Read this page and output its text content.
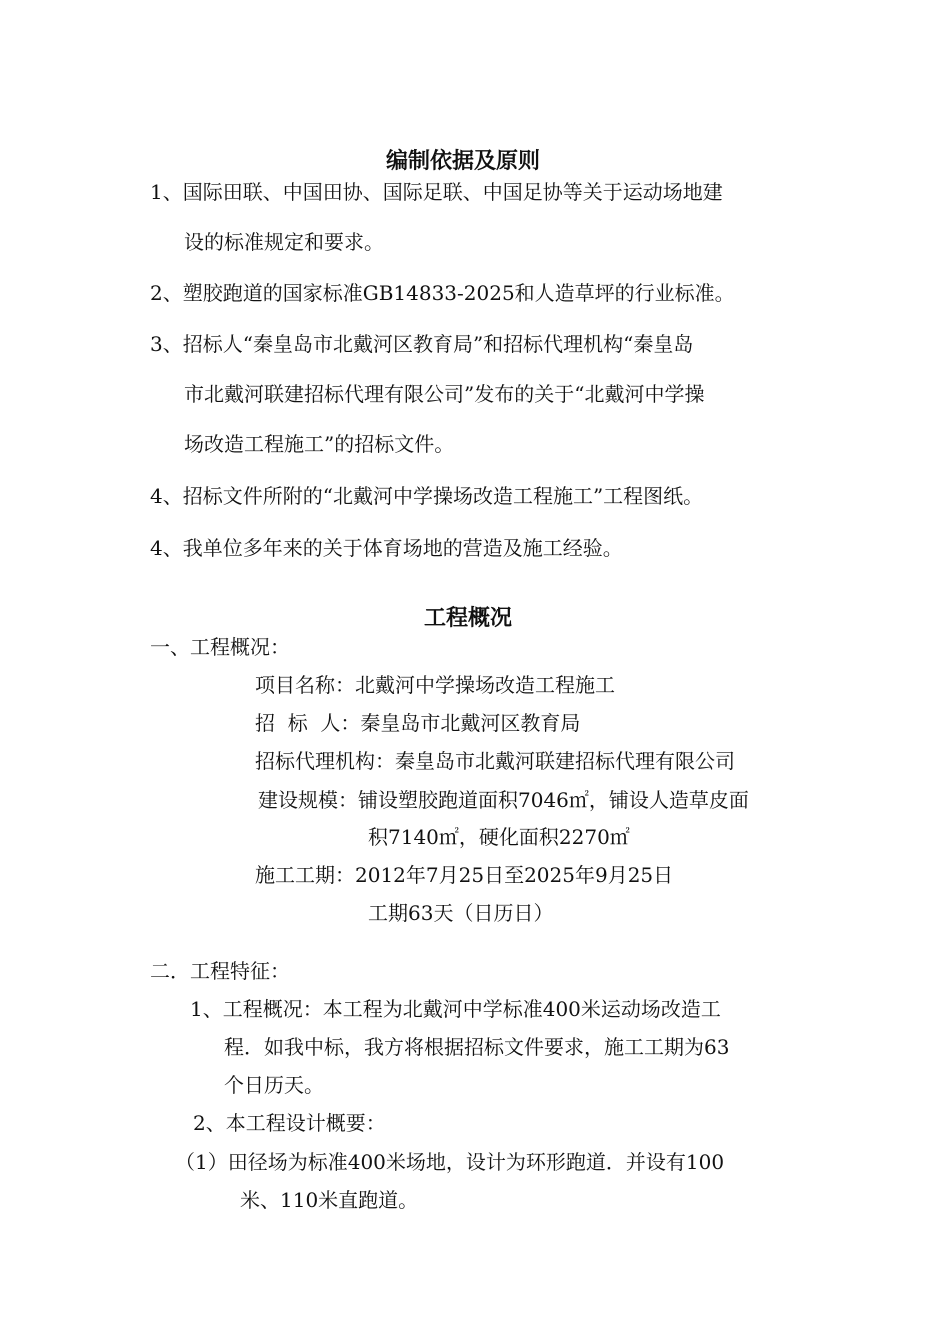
编制依据及原则
1、国际田联、中国田协、国际足联、中国足协等关于运动场地建
设的标准规定和要求。
2、塑胶跑道的国家标准GB14833-2025和人造草坪的行业标准。
3、招标人“秦皇岛市北戴河区教育局”和招标代理机构“秦皇岛
市北戴河联建招标代理有限公司”发布的关于“北戴河中学操
场改造工程施工”的招标文件。
4、招标文件所附的“北戴河中学操场改造工程施工”工程图纸。
4、我单位多年来的关于体育场地的营造及施工经验。
工程概况
一、工程概况：
项目名称：北戴河中学操场改造工程施工
招  标  人：秦皇岛市北戴河区教育局
招标代理机构：秦皇岛市北戴河联建招标代理有限公司
建设规模：铺设塑胶跑道面积7046㎡，铺设人造草皮面
积7140㎡，硬化面积2270㎡
施工工期：2012年7月25日至2025年9月25日
工期63天（日历日）
二．工程特征：
1、工程概况：本工程为北戴河中学标准400米运动场改造工
程．如我中标，我方将根据招标文件要求，施工工期为63
个日历天。
2、本工程设计概要：
（1）田径场为标准400米场地，设计为环形跑道．并设有100
米、110米直跑道。
